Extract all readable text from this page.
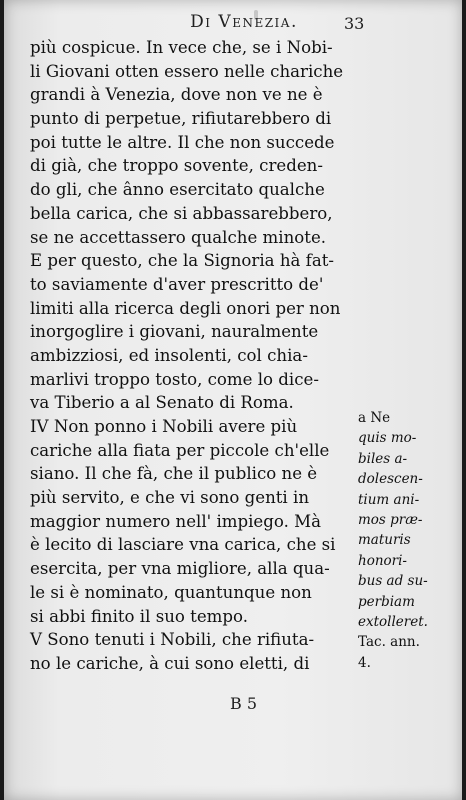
Di Venezia.	33
più cospicue. In vece che, se i Nobi-
li Giovani otten essero nelle chariche
grandi à Venezia, dove non ve ne è
punto di perpetue, rifiutarebbero di
poi tutte le altre. Il che non succede
di già, che troppo sovente, creden-
do gli, che ânno esercitato qualche
bella carica, che si abbassarebbero,
se ne accettassero qualche minote.
E per questo, che la Signoria hà fat-
to saviamente d'aver prescritto de'
limiti alla ricerca degli onori per non
inorgoglire i giovani, nauralmente
ambizziosi, ed insolenti, col chia-
marlivi troppo tosto, come lo dice-
va Tiberio a al Senato di Roma.
IV Non ponno i Nobili avere più
cariche alla fiata per piccole ch'elle
siano. Il che fà, che il publico ne è
più servito, e che vi sono genti in
maggior numero nell' impiego. Mà
è lecito di lasciare vna carica, che si
esercita, per vna migliore, alla qua-
le si è nominato, quantunque non
si abbi finito il suo tempo.
V Sono tenuti i Nobili, che rifiuta-
no le cariche, à cui sono eletti, di
a Ne
quis mo-
biles a-
dolescen-
tium ani-
mos præ-
maturis
honori-
bus ad su-
perbiam
extolleret.
Tac. ann.
4.
B 5
